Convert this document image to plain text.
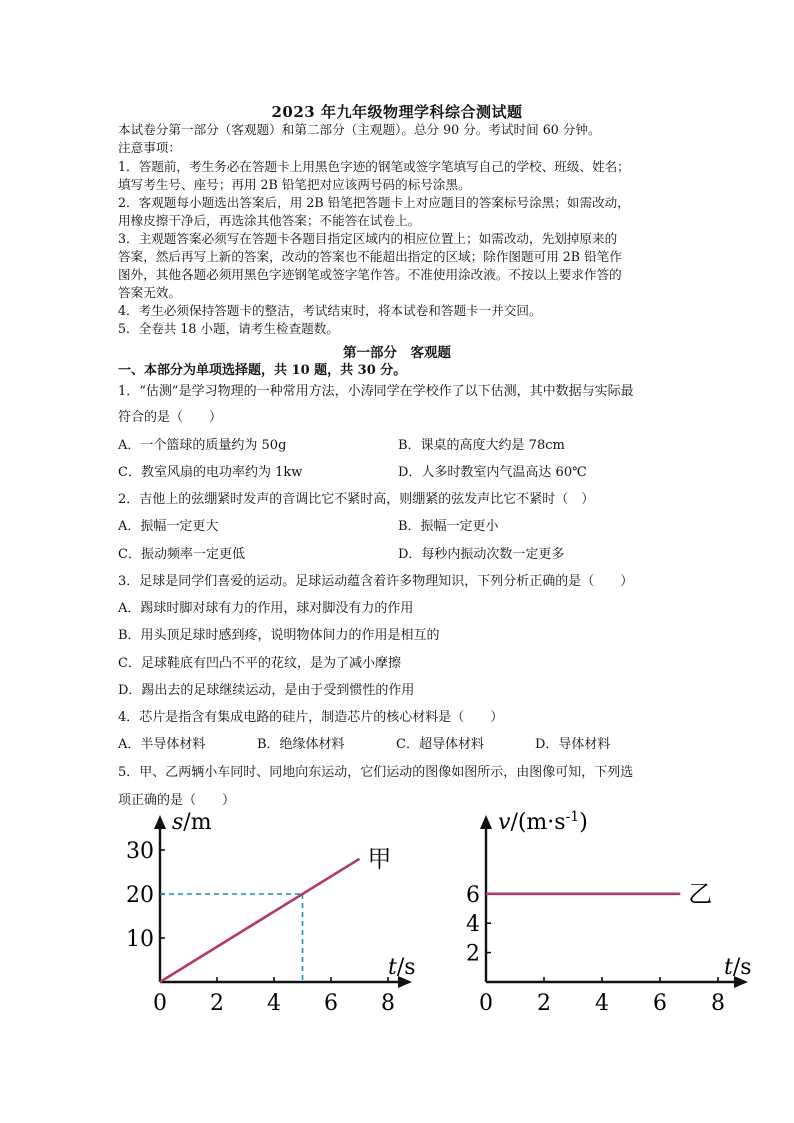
2023 年九年级物理学科综合测试题
本试卷分第一部分（客观题）和第二部分（主观题）。总分 90 分。考试时间 60 分钟。
注意事项：
1．答题前，考生务必在答题卡上用黑色字迹的钢笔或签字笔填写自己的学校、班级、姓名；
填写考生号、座号；再用 2B 铅笔把对应该两号码的标号涂黑。
2．客观题每小题选出答案后，用 2B 铅笔把答题卡上对应题目的答案标号涂黑；如需改动，
用橡皮擦干净后，再选涂其他答案；不能答在试卷上。
3．主观题答案必须写在答题卡各题目指定区域内的相应位置上；如需改动，先划掉原来的
答案，然后再写上新的答案，改动的答案也不能超出指定的区域；除作图题可用 2B 铅笔作
图外，其他各题必须用黑色字迹钢笔或签字笔作答。不准使用涂改液。不按以上要求作答的
答案无效。
4．考生必须保持答题卡的整洁，考试结束时，将本试卷和答题卡一并交回。
5．全卷共 18 小题，请考生检查题数。
第一部分　客观题
一、本部分为单项选择题，共 10 题，共 30 分。
1．“估测”是学习物理的一种常用方法，小涛同学在学校作了以下估测，其中数据与实际最
符合的是（　　）
A．一个篮球的质量约为 50g	B．课桌的高度大约是 78cm
C．教室风扇的电功率约为 1kw	D．人多时教室内气温高达 60℃
2．吉他上的弦绷紧时发声的音调比它不紧时高，则绷紧的弦发声比它不紧时（　）
A．振幅一定更大	B．振幅一定更小
C．振动频率一定更低	D．每秒内振动次数一定更多
3．足球是同学们喜爱的运动。足球运动蕴含着许多物理知识，下列分析正确的是（　　）
A．踢球时脚对球有力的作用，球对脚没有力的作用
B．用头顶足球时感到疼，说明物体间力的作用是相互的
C．足球鞋底有凹凸不平的花纹，是为了减小摩擦
D．踢出去的足球继续运动，是由于受到惯性的作用
4．芯片是指含有集成电路的硅片，制造芯片的核心材料是（　　）
A．半导体材料	B．绝缘体材料	C．超导体材料	D．导体材料
5．甲、乙两辆小车同时、同地向东运动，它们运动的图像如图所示，由图像可知，下列选
项正确的是（　　）
0 2 4 6 8
10
20
30
s/m
t/s
甲
0 2 4 6 8
2
4
6
$v/(m\cdot s^{-1})$
t/s
乙
